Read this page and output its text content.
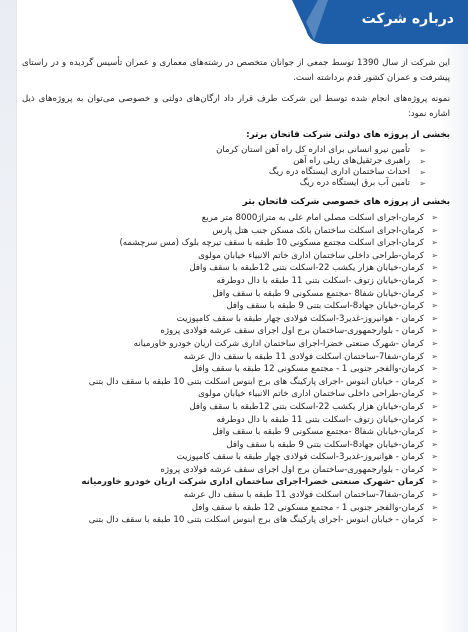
درباره شرکت

این شرکت از سال 1390 توسط جمعی از جوانان متخصص در رشته‌های معماری و عمران تأسیس گردیده و در راستای پیشرفت و عمران کشور قدم برداشته است.

نمونه پروژه‌های انجام شده توسط این شرکت طرف قرار داد ارگان‌های دولتی و خصوصی می‌توان به پروژه‌های ذیل اشاره نمود:

بخشی از پروژه های دولتی شرکت فاتحان برتر:
➢
تأمین نیرو انسانی برای اداره کل راه آهن استان کرمان
➢
راهبری جرثقیل‌های ریلی راه آهن
➢
احداث ساختمان اداری ایستگاه دره ریگ
➢
تامین آب برق ایستگاه دره ریگ
بخشی از پروژه های خصوصی شرکت فاتحان بتر
➢
کرمان-اجرای اسکلت مصلی امام علی به متراژ8000 متر مربع
➢
کرمان-اجرای اسکلت ساختمان بانک مسکن جنب هتل پارس
➢
کرمان-اجرای اسکلت مجتمع مسکونی 10 طبقه با سقف تیرچه بلوک (مس سرچشمه)
➢
کرمان-طراحی داخلی ساختمان اداری خاتم الانبیاء خیابان مولوی
➢
کرمان-خیابان هزار یکشب 22-اسکلت بتنی 12طبقه با سقف وافل
➢
کرمان-خیابان زتوف -اسکلت بتنی 11 طبقه با دال دوطرفه
➢
کرمان-خیابان شفا8 -مجتمع مسکونی 9 طبقه با سقف وافل
➢
کرمان-خیابان جهاد8-اسکلت بتنی 9 طبقه با سقف وافل
➢
کرمان - هوانیروز-غدیر3-اسکلت فولادی چهار طبقه با سقف کامپوزیت
➢
کرمان - بلوارجمهوری-ساختمان برج اول اجرای سقف عرشه فولادی پروژه
➢
کرمان -شهرک صنعتی خضرا-اجرای ساختمان اداری شرکت اریان خودرو خاورمیانه
➢
کرمان-شفا7-ساختمان اسکلت فولادی 11 طبقه با سقف دال عرشه
➢
کرمان-والفجر جنوبی 1 - مجتمع مسکونی 12 طبقه با سقف وافل
➢
کرمان - خیابان ابنوس -اجرای پارکینگ های برج ابنوس اسکلت بتنی 10 طبقه با سقف دال بتنی
➢
کرمان-طراحی داخلی ساختمان اداری خاتم الانبیاء خیابان مولوی
➢
کرمان-خیابان هزار یکشب 22-اسکلت بتنی 12طبقه با سقف وافل
➢
کرمان-خیابان زتوف -اسکلت بتنی 11 طبقه با دال دوطرفه
➢
کرمان-خیابان شفا8 -مجتمع مسکونی 9 طبقه با سقف وافل
➢
کرمان-خیابان جهاد8-اسکلت بتنی 9 طبقه با سقف وافل
➢
کرمان - هوانیروز-غدیر3-اسکلت فولادی چهار طبقه با سقف کامپوزیت
➢
کرمان - بلوارجمهوری-ساختمان برج اول اجرای سقف عرشه فولادی پروژه
➢
کرمان -شهرک صنعتی خضرا-اجرای ساختمان اداری شرکت اریان خودرو خاورمیانه
➢
کرمان-شفا7-ساختمان اسکلت فولادی 11 طبقه با سقف دال عرشه
➢
کرمان-والفجر جنوبی 1 - مجتمع مسکونی 12 طبقه با سقف وافل
➢
کرمان - خیابان ابنوس -اجرای پارکینگ های برج ابنوس اسکلت بتنی 10 طبقه با سقف دال بتنی
